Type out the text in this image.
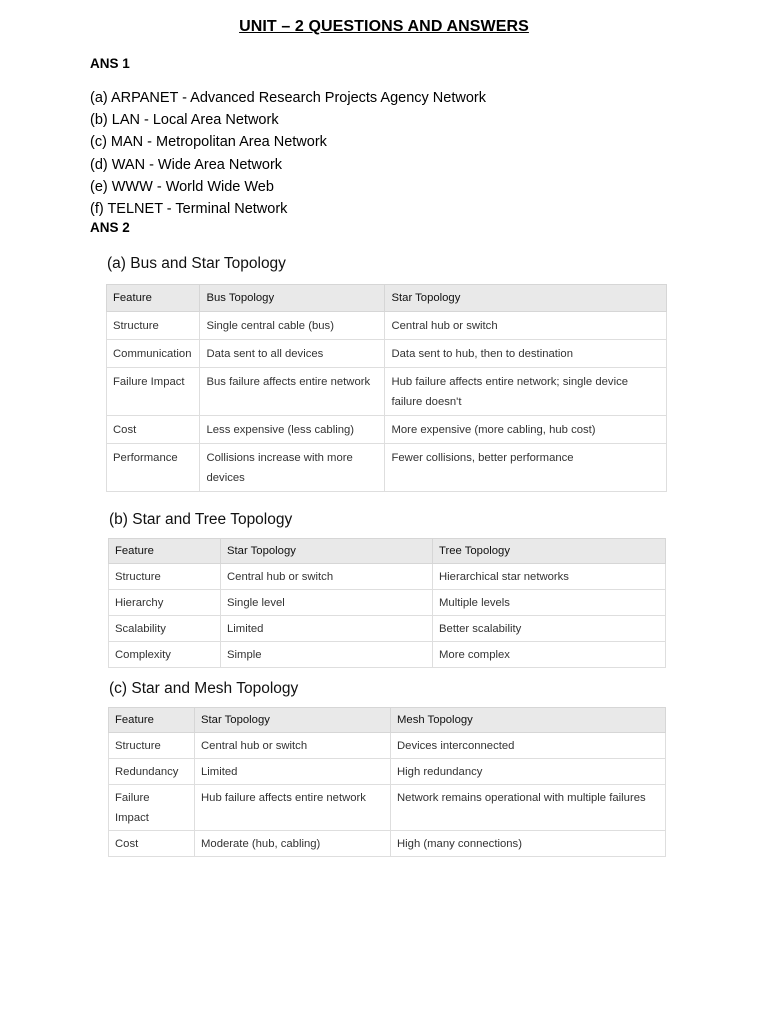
UNIT – 2 QUESTIONS AND ANSWERS
ANS 1
(a) ARPANET - Advanced Research Projects Agency Network
(b) LAN - Local Area Network
(c) MAN - Metropolitan Area Network
(d) WAN - Wide Area Network
(e) WWW - World Wide Web
(f) TELNET - Terminal Network
ANS 2
(a) Bus and Star Topology
Feature	Bus Topology	Star Topology
Structure	Single central cable (bus)	Central hub or switch
Communication	Data sent to all devices	Data sent to hub, then to destination
Failure Impact	Bus failure affects entire network	Hub failure affects entire network; single device failure doesn't
Cost	Less expensive (less cabling)	More expensive (more cabling, hub cost)
Performance	Collisions increase with more devices	Fewer collisions, better performance
(b) Star and Tree Topology
Feature	Star Topology	Tree Topology
Structure	Central hub or switch	Hierarchical star networks
Hierarchy	Single level	Multiple levels
Scalability	Limited	Better scalability
Complexity	Simple	More complex
(c) Star and Mesh Topology
Feature	Star Topology	Mesh Topology
Structure	Central hub or switch	Devices interconnected
Redundancy	Limited	High redundancy
Failure Impact	Hub failure affects entire network	Network remains operational with multiple failures
Cost	Moderate (hub, cabling)	High (many connections)
